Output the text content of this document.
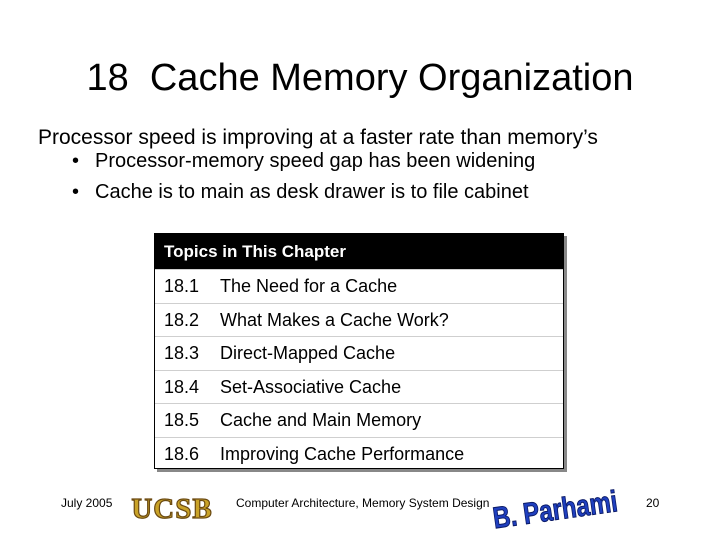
18  Cache Memory Organization
Processor speed is improving at a faster rate than memory’s
• Processor-memory speed gap has been widening
• Cache is to main as desk drawer is to file cabinet
Topics in This Chapter
18.1 The Need for a Cache
18.2 What Makes a Cache Work?
18.3 Direct-Mapped Cache
18.4 Set-Associative Cache
18.5 Cache and Main Memory
18.6 Improving Cache Performance
July 2005 UCSB Computer Architecture, Memory System Design B. Parhami 20
